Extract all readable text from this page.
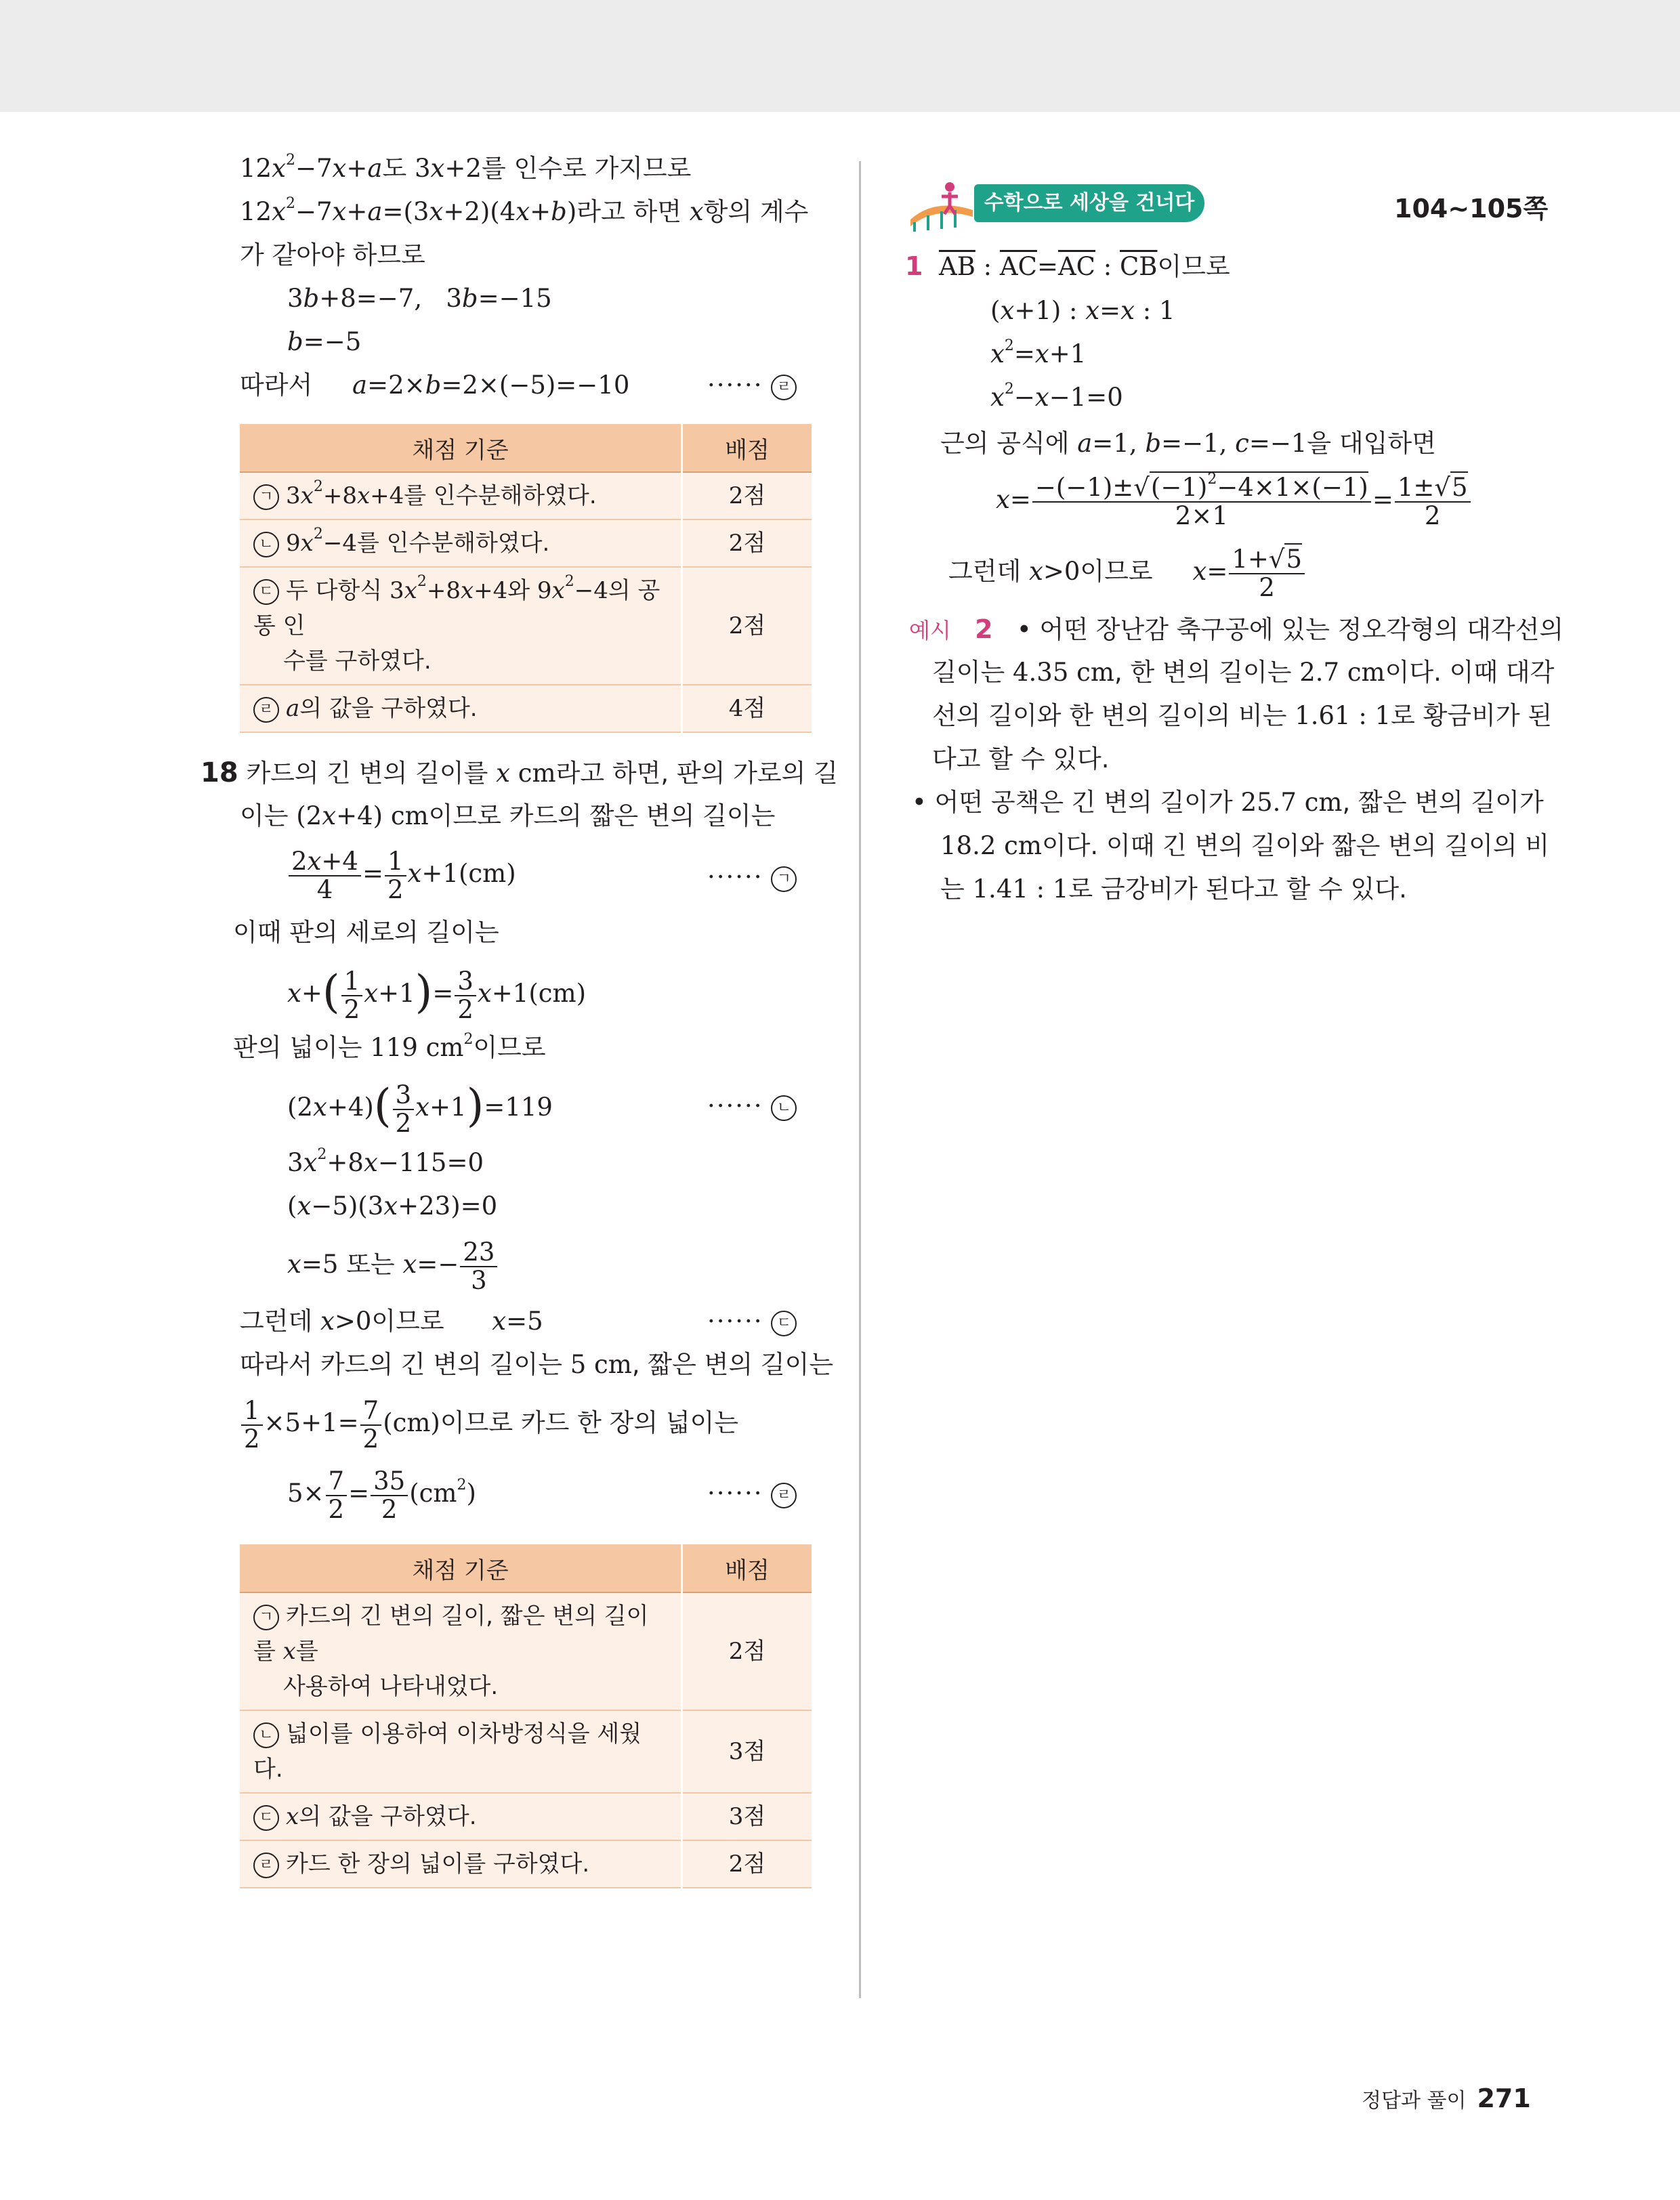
$12x^2-7x+a$도 3x+2를 인수로 가지므로
$12x^2-7x+a=(3x+2)(4x+b)$라고 하면 x항의 계수
가 같아야 하므로
3b+8=−7,   3b=−15
b=−5
따라서 a=2×b=2×(−5)=−10	······ ㄹ
채점 기준	배점
ㄱ $3x^2+8x+4$를 인수분해하였다.	2점
ㄴ $9x^2-4$를 인수분해하였다.	2점
ㄷ 두 다항식 $3x^2+8x+4$와 $9x^2-4$의 공통 인
수를 구하였다.	2점
ㄹ a의 값을 구하였다.	4점
18 카드의 긴 변의 길이를 x cm라고 하면, 판의 가로의 길
이는 (2x+4) cm이므로 카드의 짧은 변의 길이는
$\frac{2x+4}{4} = \frac{1}{2} x+1(cm)$	······ ㄱ
이때 판의 세로의 길이는
$x+( \frac{1}{2} x+1)= \frac{3}{2} x+1(cm)$
판의 넓이는 119 $cm^2$이므로
$(2x+4)( \frac{3}{2} x+1)=119$	······ ㄴ
$3x^2+8x-115=0$
(x−5)(3x+23)=0
x=5 또는 $x=- \frac{23}{3}$
그런데 x>0이므로 x=5	······ ㄷ
따라서 카드의 긴 변의 길이는 5 cm, 짧은 변의 길이는
$\frac{1}{2} \times 5+1= \frac{7}{2} (cm)$이므로 카드 한 장의 넓이는
$5\times \frac{7}{2} = \frac{35}{2} (cm^2)$	······ ㄹ
채점 기준	배점
ㄱ 카드의 긴 변의 길이, 짧은 변의 길이를 x를
사용하여 나타내었다.	2점
ㄴ 넓이를 이용하여 이차방정식을 세웠다.	3점
ㄷ x의 값을 구하였다.	3점
ㄹ 카드 한 장의 넓이를 구하였다.	2점
수학으로 세상을 건너다	104~105쪽
1 $\overline{AB}$ : $\overline{AC}=\overline{AC}$ : $\overline{CB}$이므로
(x+1) : x=x : 1
$x^2=x+1$
$x^2-x-1=0$
근의 공식에 a=1, b=−1, c=−1을 대입하면
$x= \frac{-(-1)\pm√(-1)^2-4\times 1\times(-1)}{2\times 1} = \frac{1\pm√5}{2}$
그런데 x>0이므로 $x= \frac{1+√5}{2}$
예시 2 • 어떤 장난감 축구공에 있는 정오각형의 대각선의
길이는 4.35 cm, 한 변의 길이는 2.7 cm이다. 이때 대각
선의 길이와 한 변의 길이의 비는 1.61 : 1로 황금비가 된
다고 할 수 있다.
• 어떤 공책은 긴 변의 길이가 25.7 cm, 짧은 변의 길이가
18.2 cm이다. 이때 긴 변의 길이와 짧은 변의 길이의 비
는 1.41 : 1로 금강비가 된다고 할 수 있다.
정답과 풀이 271
